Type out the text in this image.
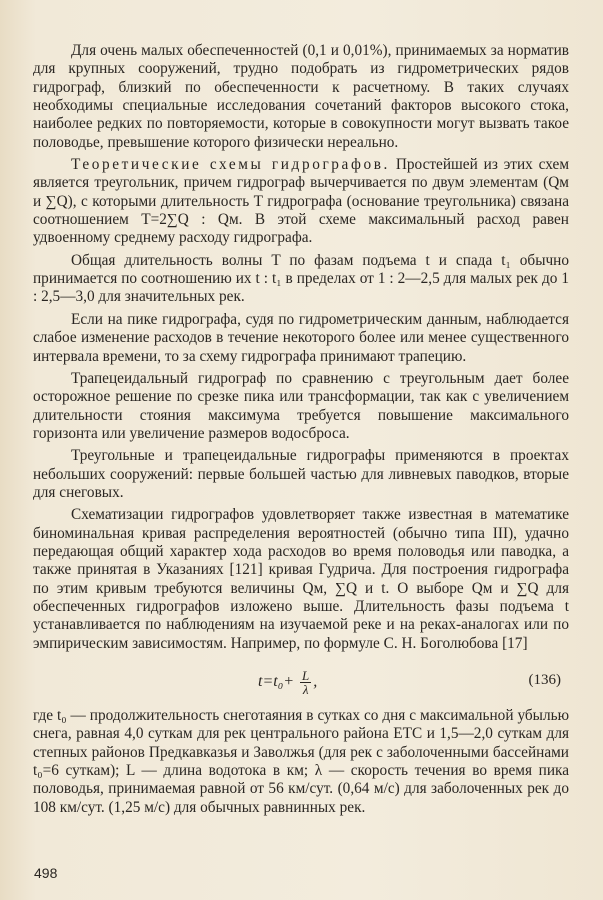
Для очень малых обеспеченностей (0,1 и 0,01%), принимаемых за норматив для крупных сооружений, трудно подобрать из гидрометрических рядов гидрограф, близкий по обеспеченности к расчетному. В таких случаях необходимы специальные исследования сочетаний факторов высокого стока, наиболее редких по повторяемости, которые в совокупности могут вызвать такое половодье, превышение которого физически нереально.

Теоретические схемы гидрографов. Простейшей из этих схем является треугольник, причем гидрограф вычерчивается по двум элементам (Qм и ∑Q), с которыми длительность T гидрографа (основание треугольника) связана соотношением T=2∑Q : Qм. В этой схеме максимальный расход равен удвоенному среднему расходу гидрографа.

Общая длительность волны T по фазам подъема t и спада t₁ обычно принимается по соотношению их t : t₁ в пределах от 1 : 2—2,5 для малых рек до 1 : 2,5—3,0 для значительных рек.

Если на пике гидрографа, судя по гидрометрическим данным, наблюдается слабое изменение расходов в течение некоторого более или менее существенного интервала времени, то за схему гидрографа принимают трапецию.

Трапецеидальный гидрограф по сравнению с треугольным дает более осторожное решение по срезке пика или трансформации, так как с увеличением длительности стояния максимума требуется повышение максимального горизонта или увеличение размеров водосброса.

Треугольные и трапецеидальные гидрографы применяются в проектах небольших сооружений: первые большей частью для ливневых паводков, вторые для снеговых.

Схематизации гидрографов удовлетворяет также известная в математике биноминальная кривая распределения вероятностей (обычно типа III), удачно передающая общий характер хода расходов во время половодья или паводка, а также принятая в Указаниях [121] кривая Гудрича. Для построения гидрографа по этим кривым требуются величины Qм, ∑Q и t. О выборе Qм и ∑Q для обеспеченных гидрографов изложено выше. Длительность фазы подъема t устанавливается по наблюдениям на изучаемой реке и на реках-аналогах или по эмпирическим зависимостям. Например, по формуле С. Н. Боголюбова [17]

$t=t_0+ \frac{L}{\lambda}$ ,	(136)

где t₀ — продолжительность снеготаяния в сутках со дня с максимальной убылью снега, равная 4,0 суткам для рек центрального района ЕТС и 1,5—2,0 суткам для степных районов Предкавказья и Заволжья (для рек с заболоченными бассейнами t₀=6 суткам); L — длина водотока в км; λ — скорость течения во время пика половодья, принимаемая равной от 56 км/сут. (0,64 м/с) для заболоченных рек до 108 км/сут. (1,25 м/с) для обычных равнинных рек.

498
